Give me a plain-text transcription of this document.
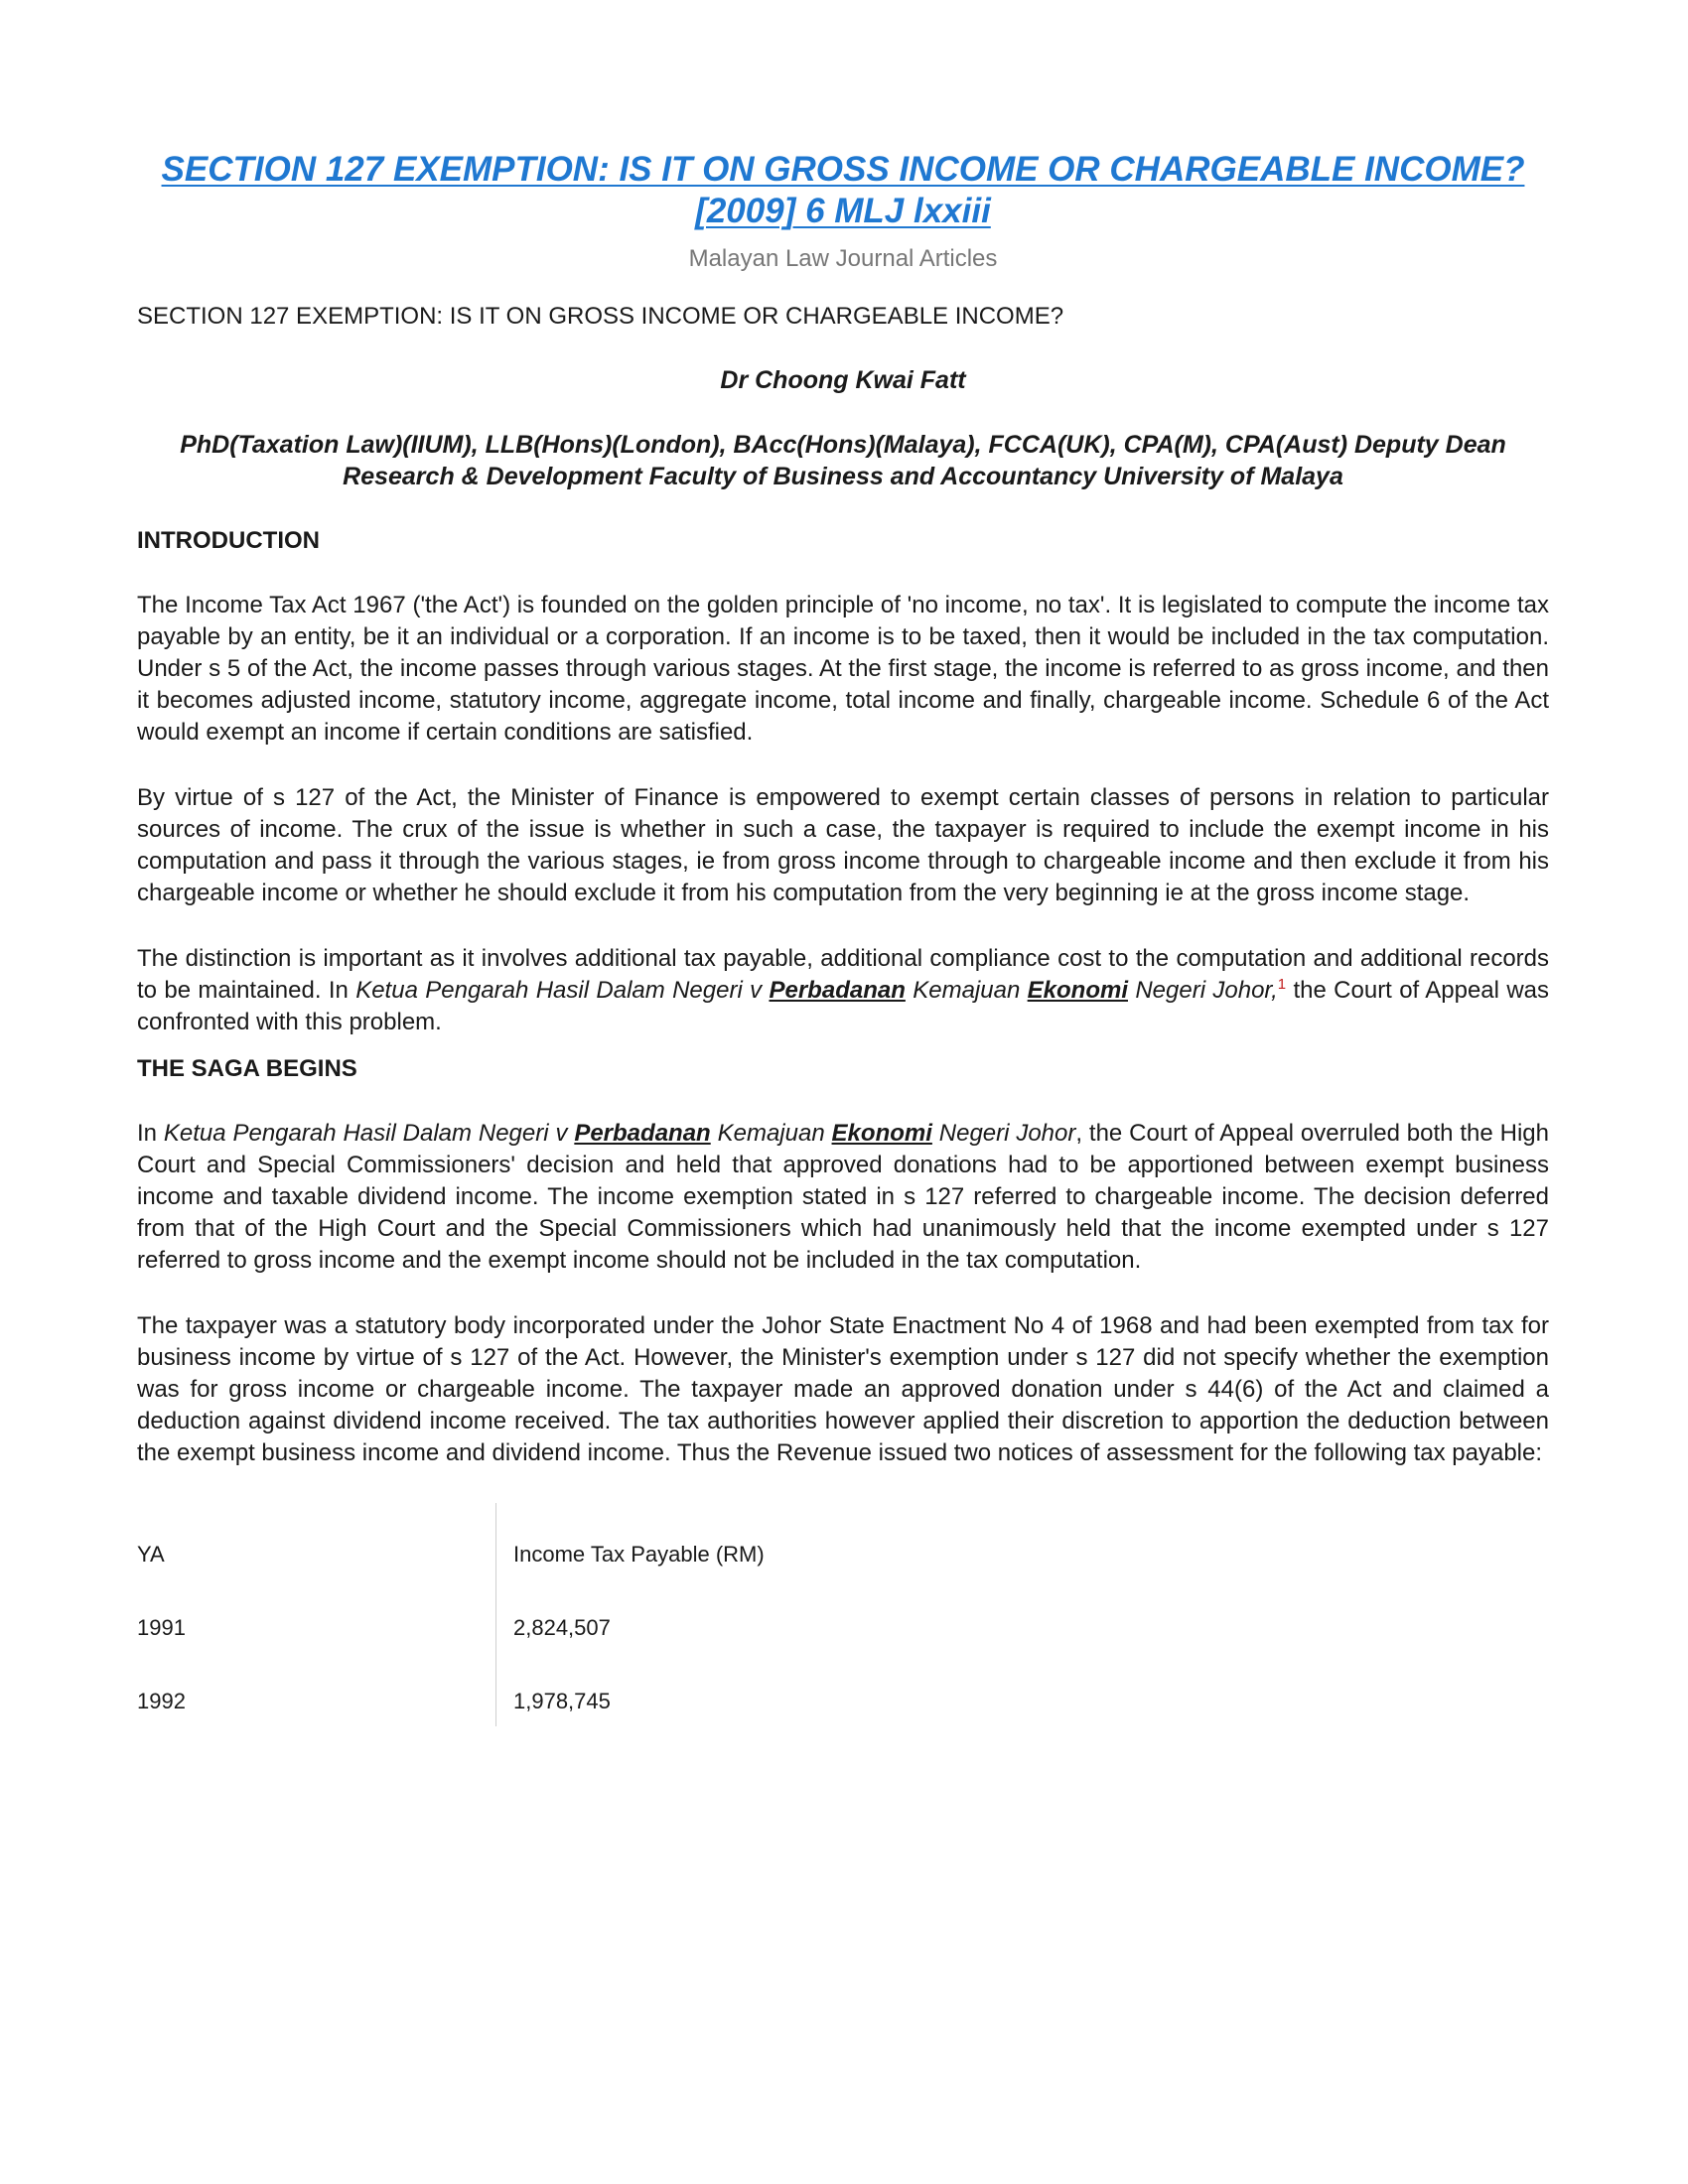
SECTION 127 EXEMPTION: IS IT ON GROSS INCOME OR CHARGEABLE INCOME? [2009] 6 MLJ lxxiii
Malayan Law Journal Articles
SECTION 127 EXEMPTION: IS IT ON GROSS INCOME OR CHARGEABLE INCOME?
Dr Choong Kwai Fatt
PhD(Taxation Law)(IIUM), LLB(Hons)(London), BAcc(Hons)(Malaya), FCCA(UK), CPA(M), CPA(Aust) Deputy Dean Research & Development Faculty of Business and Accountancy University of Malaya
INTRODUCTION
The Income Tax Act 1967 ('the Act') is founded on the golden principle of 'no income, no tax'. It is legislated to compute the income tax payable by an entity, be it an individual or a corporation. If an income is to be taxed, then it would be included in the tax computation. Under s 5 of the Act, the income passes through various stages. At the first stage, the income is referred to as gross income, and then it becomes adjusted income, statutory income, aggregate income, total income and finally, chargeable income. Schedule 6 of the Act would exempt an income if certain conditions are satisfied.
By virtue of s 127 of the Act, the Minister of Finance is empowered to exempt certain classes of persons in relation to particular sources of income. The crux of the issue is whether in such a case, the taxpayer is required to include the exempt income in his computation and pass it through the various stages, ie from gross income through to chargeable income and then exclude it from his chargeable income or whether he should exclude it from his computation from the very beginning ie at the gross income stage.
The distinction is important as it involves additional tax payable, additional compliance cost to the computation and additional records to be maintained. In Ketua Pengarah Hasil Dalam Negeri v Perbadanan Kemajuan Ekonomi Negeri Johor,$^1$ the Court of Appeal was confronted with this problem.
THE SAGA BEGINS
In Ketua Pengarah Hasil Dalam Negeri v Perbadanan Kemajuan Ekonomi Negeri Johor, the Court of Appeal overruled both the High Court and Special Commissioners' decision and held that approved donations had to be apportioned between exempt business income and taxable dividend income. The income exemption stated in s 127 referred to chargeable income. The decision deferred from that of the High Court and the Special Commissioners which had unanimously held that the income exempted under s 127 referred to gross income and the exempt income should not be included in the tax computation.
The taxpayer was a statutory body incorporated under the Johor State Enactment No 4 of 1968 and had been exempted from tax for business income by virtue of s 127 of the Act. However, the Minister's exemption under s 127 did not specify whether the exemption was for gross income or chargeable income. The taxpayer made an approved donation under s 44(6) of the Act and claimed a deduction against dividend income received. The tax authorities however applied their discretion to apportion the deduction between the exempt business income and dividend income. Thus the Revenue issued two notices of assessment for the following tax payable:
YA	Income Tax Payable (RM)
1991	2,824,507
1992	1,978,745
